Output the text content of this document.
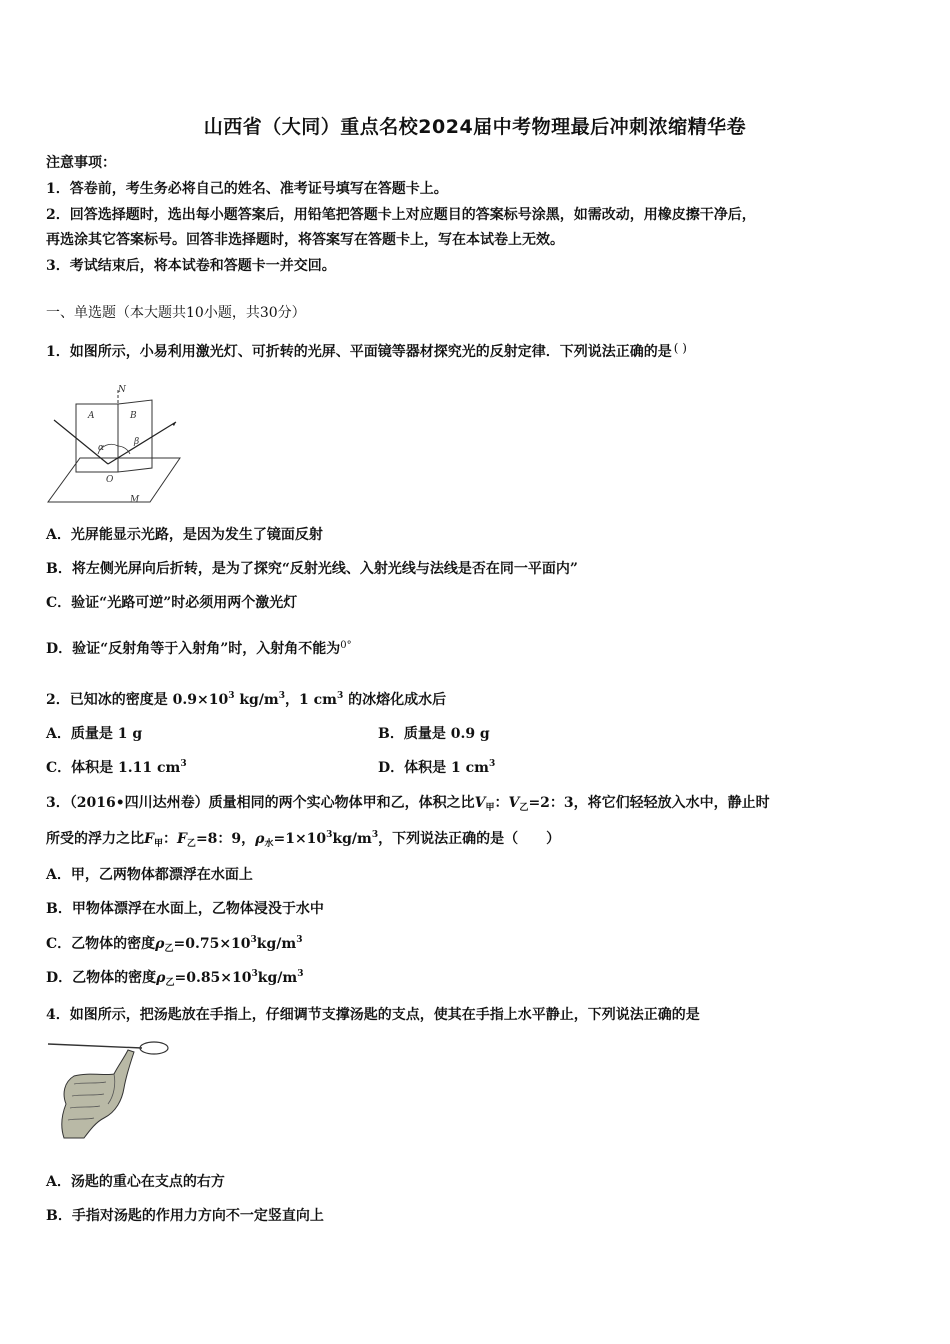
山西省（大同）重点名校2024届中考物理最后冲刺浓缩精华卷
注意事项：
1．答卷前，考生务必将自己的姓名、准考证号填写在答题卡上。
2．回答选择题时，选出每小题答案后，用铅笔把答题卡上对应题目的答案标号涂黑，如需改动，用橡皮擦干净后，
再选涂其它答案标号。回答非选择题时，将答案写在答题卡上，写在本试卷上无效。
3．考试结束后，将本试卷和答题卡一并交回。
一、单选题（本大题共10小题，共30分）
1．如图所示，小易利用激光灯、可折转的光屏、平面镜等器材探究光的反射定律．下列说法正确的是 ( )
N
A	B
α
β
O
M
A．光屏能显示光路，是因为发生了镜面反射
B．将左侧光屏向后折转，是为了探究“反射光线、入射光线与法线是否在同一平面内”
C．验证“光路可逆”时必须用两个激光灯
D．验证“反射角等于入射角”时，入射角不能为$^{0^\circ}$
2．已知冰的密度是 $0.9\times 10^3$ $kg/m^3$，1 $cm^3$ 的冰熔化成水后
A．质量是 1 g	B．质量是 0.9 g
C．体积是 1.11 $cm^3$	D．体积是 1 $cm^3$
3．（2016•四川达州卷）质量相同的两个实心物体甲和乙，体积之比$V_甲$：$V_乙=2$：3，将它们轻轻放入水中，静止时
所受的浮力之比$F_甲$：$F_乙=8$：9，$\rho_水=1\times 10^3kg/m^3$，下列说法正确的是（　　）
A．甲，乙两物体都漂浮在水面上
B．甲物体漂浮在水面上，乙物体浸没于水中
C．乙物体的密度$\rho_乙=0.75\times 10^3kg/m^3$
D．乙物体的密度$\rho_乙=0.85\times 10^3kg/m^3$
4．如图所示，把汤匙放在手指上，仔细调节支撑汤匙的支点，使其在手指上水平静止，下列说法正确的是
A．汤匙的重心在支点的右方
B．手指对汤匙的作用力方向不一定竖直向上
